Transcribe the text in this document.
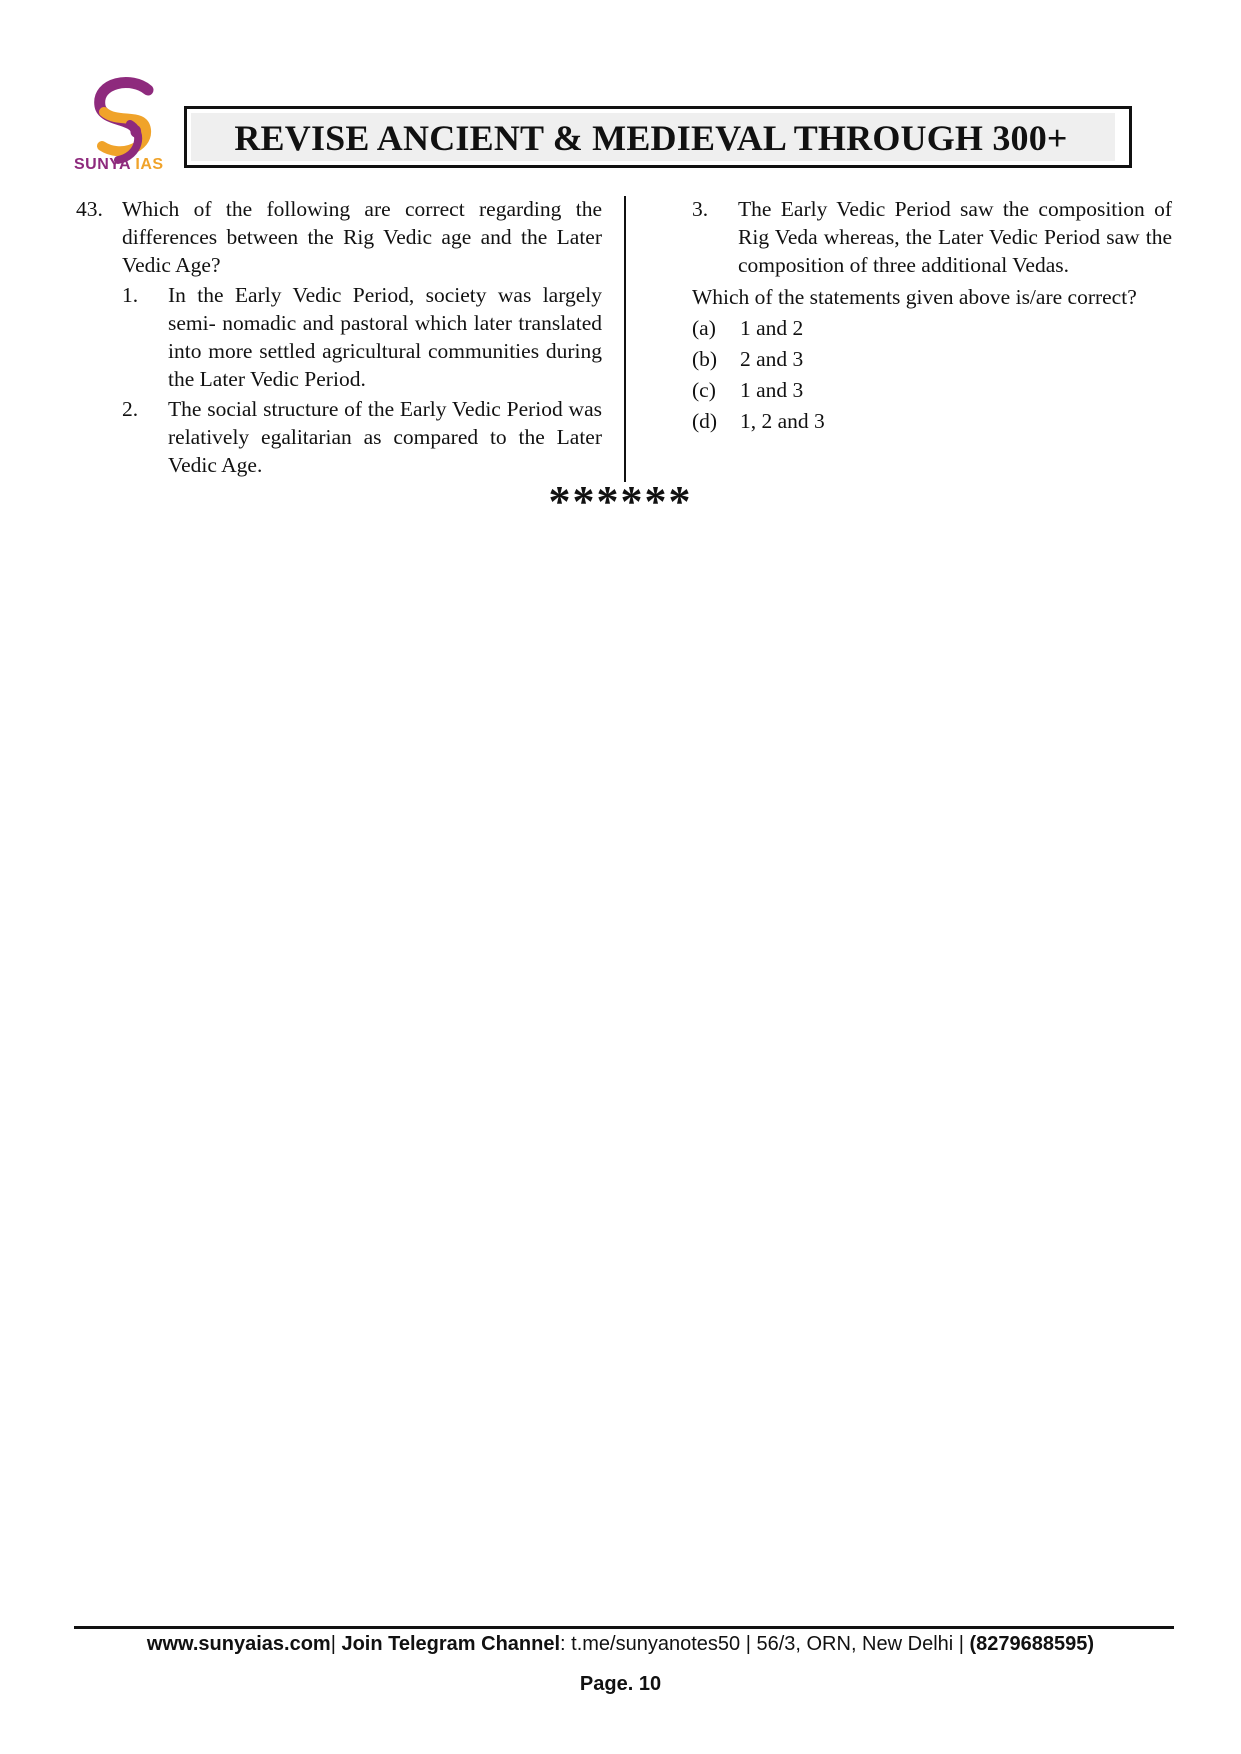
SUNYA IAS
REVISE ANCIENT & MEDIEVAL THROUGH 300+
43. Which of the following are correct regarding the differences between the Rig Vedic age and the Later Vedic Age?
1.	In the Early Vedic Period, society was largely semi- nomadic and pastoral which later translated into more settled agricultural communities during the Later Vedic Period.
2.	The social structure of the Early Vedic Period was relatively egalitarian as compared to the Later Vedic Age.
3.	The Early Vedic Period saw the composition of Rig Veda whereas, the Later Vedic Period saw the composition of three additional Vedas.
Which of the statements given above is/are correct?
(a)	1 and 2
(b)	2 and 3
(c)	1 and 3
(d)	1, 2 and 3
******
www.sunyaias.com| Join Telegram Channel: t.me/sunyanotes50 | 56/3, ORN, New Delhi | (8279688595)
Page. 10
